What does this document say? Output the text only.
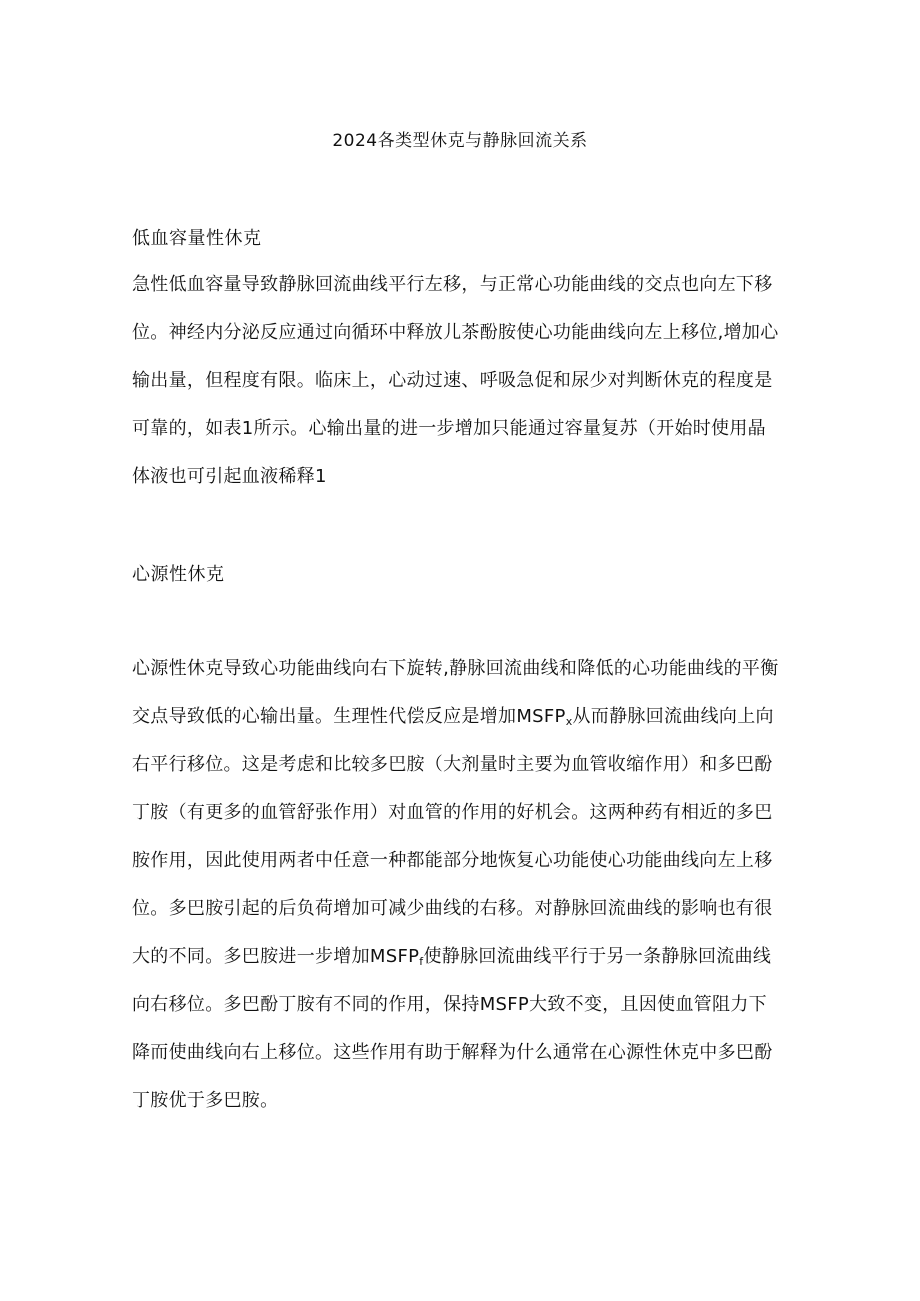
2024各类型休克与静脉回流关系
低血容量性休克
急性低血容量导致静脉回流曲线平行左移，与正常心功能曲线的交点也向左下移
位。神经内分泌反应通过向循环中释放儿茶酚胺使心功能曲线向左上移位,增加心
输出量，但程度有限。临床上，心动过速、呼吸急促和尿少对判断休克的程度是
可靠的，如表1所示。心输出量的进一步增加只能通过容量复苏（开始时使用晶
体液也可引起血液稀释1
心源性休克
心源性休克导致心功能曲线向右下旋转,静脉回流曲线和降低的心功能曲线的平衡
交点导致低的心输出量。生理性代偿反应是增加$MSFP_x$从而静脉回流曲线向上向
右平行移位。这是考虑和比较多巴胺（大剂量时主要为血管收缩作用）和多巴酚
丁胺（有更多的血管舒张作用）对血管的作用的好机会。这两种药有相近的多巴
胺作用，因此使用两者中任意一种都能部分地恢复心功能使心功能曲线向左上移
位。多巴胺引起的后负荷增加可减少曲线的右移。对静脉回流曲线的影响也有很
大的不同。多巴胺进一步增加$MSFP_f$使静脉回流曲线平行于另一条静脉回流曲线
向右移位。多巴酚丁胺有不同的作用，保持MSFP大致不变，且因使血管阻力下
降而使曲线向右上移位。这些作用有助于解释为什么通常在心源性休克中多巴酚
丁胺优于多巴胺。
